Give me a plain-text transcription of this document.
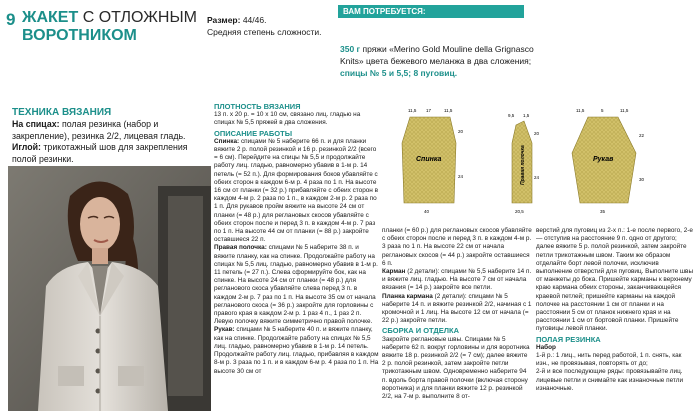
9 ЖАКЕТ С ОТЛОЖНЫМ
ВОРОТНИКОМ
Размер: 44/46.
Средняя степень сложности.
ВАМ ПОТРЕБУЕТСЯ:
350 г пряжи «Merino Gold Mouline della Grignasco Knits» цвета бежевого меланжа в два сложения; спицы № 5 и 5,5; 8 пуговиц.
ТЕХНИКА ВЯЗАНИЯ
На спицах: полая резинка (набор и закрепление), резинка 2/2, лицевая гладь.
Иглой: трикотажный шов для закрепления полой резинки.
ПЛОТНОСТЬ ВЯЗАНИЯ
13 п. х 20 р. = 10 х 10 см, связано лиц. гладью на спицах № 5,5 пряжей в два сложения.
ОПИСАНИЕ РАБОТЫ
Спинка: спицами № 5 наберите 66 п. и для планки вяжите 2 р. полой резинкой и 16 р. резинкой 2/2 (всего = 6 см). Перейдите на спицы № 5,5 и продолжайте работу лиц. гладью, равномерно убавив в 1-м р. 14 петель (= 52 п.). Для формирования боков убавляйте с обеих сторон в каждом 6-м р. 4 раза по 1 п. На высоте 16 см от планки (= 32 р.) прибавляйте с обеих сторон в каждом 4-м р. 2 раза по 1 п., в каждом 2-м р. 2 раза по 1 п. Для рукавов пройм вяжите на высоте 24 см от планки (= 48 р.) для реглановых скосов убавляйте с обеих сторон после и перед 3 п. в каждом 4-м р. 7 раз по 1 п. На высоте 44 см от планки (= 88 р.) закройте оставшиеся 22 п.
Правая полочка: спицами № 5 наберите 38 п. и вяжите планку, как на спинке. Продолжайте работу на спицах № 5,5 лиц. гладью, равномерно убавив в 1-м р. 11 петель (= 27 п.). Слева сформируйте бок, как на спинке. На высоте 24 см от планки (= 48 р.) для регланового скоса убавляйте слева перед 3 п. в каждом 2-м р. 7 раз по 1 п. На высоте 35 см от начала регланового скоса (= 36 р.) закройте для горловины с правого края в каждом 2-м р. 1 раз 4 п., 1 раз 2 п. Левую полочку вяжите симметрично правой полочке.
Рукав: спицами № 5 наберите 40 п. и вяжите планку, как на спинке. Продолжайте работу на спицах № 5,5 лиц. гладью, равномерно убавив в 1-м р. 14 петель. Продолжайте работу лиц. гладью, прибавляя в каждом 8-м р. 3 раза по 1 п. и в каждом 6-м р. 4 раза по 1 п. На высоте 30 см от
Спинка
11,5 17	11,5
20
24
40
Правая полочка
9,5 1,5
20
24
20,5
Рукав
11,5	5	11,5
22
30
35
планки (= 60 р.) для реглановых скосов убавляйте с обеих сторон после и перед 3 п. в каждом 4-м р. 3 раза по 1 п. На высоте 22 см от начала реглановых скосов (= 44 р.) закройте оставшиеся 6 п.
Карман (2 детали): спицами № 5,5 наберите 14 п. и вяжите лиц. гладью. На высоте 7 см от начала вязания (= 14 р.) закройте все петли.
Планка кармана (2 детали): спицами № 5 наберите 14 п. и вяжите резинкой 2/2, начиная с 1 кромочной и 1 лиц. На высоте 12 см от начала (= 22 р.) закройте петли.
СБОРКА И ОТДЕЛКА
Закройте реглановые швы. Спицами № 5 наберите 62 п. вокруг горловины и для воротника вяжите 18 р. резинкой 2/2 (= 7 см); далее вяжите 2 р. полой резинкой, затем закройте петли трикотажным швом. Одновременно наберите 94 п. вдоль борта правой полочки (включая сторону воротника) и для планки вяжите 12 р. резинкой 2/2, на 7-м р. выполните 8 от-
верстий для пуговиц из 2-х п.: 1-е после первого, 2-е — отступив на расстояние 9 п. одно от другого; далее вяжите 5 р. полой резинкой, затем закройте петли трикотажным швом. Таким же образом отделайте борт левой полочки, исключив выполнение отверстий для пуговиц. Выполните швы от манжеты до бока. Пришейте карманы к верхнему краю кармана обеих стороны, заканчивающейся краевой петлей; пришейте карманы на каждой полочке на расстоянии 1 см от планки и на расстоянии 5 см от планок нижнего края и на расстоянии 1 см от бортовой планки. Пришейте пуговицы левой планки.
ПОЛАЯ РЕЗИНКА
Набор
1-й р.: 1 лиц., нить перед работой, 1 п. снять, как изн., не провязывая, повторять от до;
2-й и все последующие ряды: провязывайте лиц. лицевые петли и снимайте как изнаночные петли изнаночные.
